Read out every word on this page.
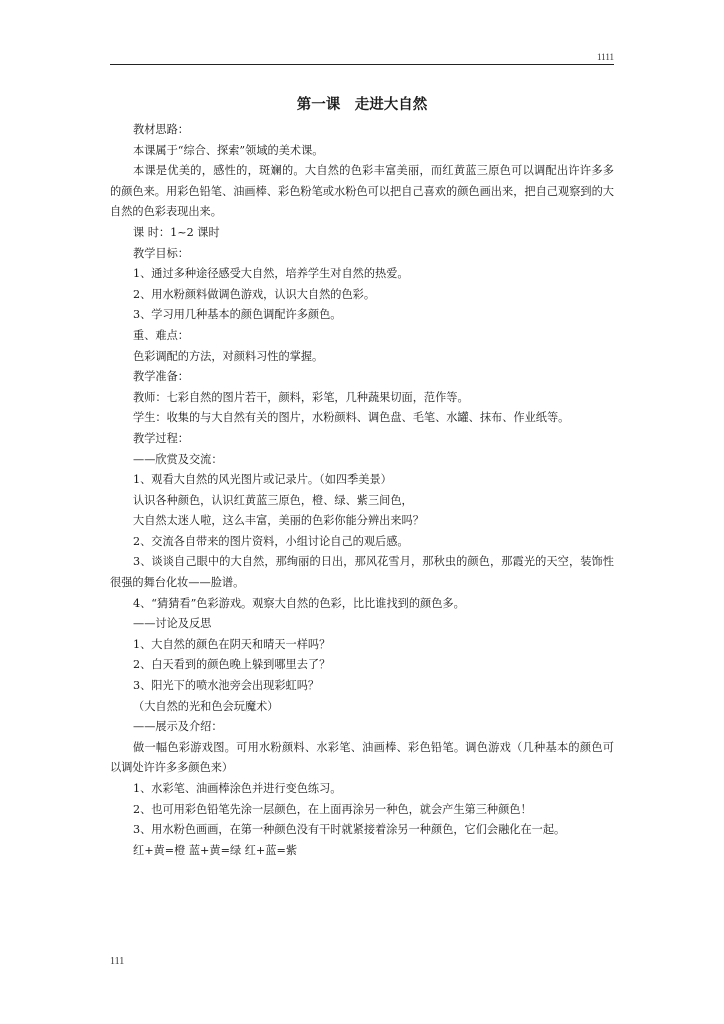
1111
第一课　走进大自然

教材思路：

本课属于“综合、探索”领域的美术课。

本课是优美的，感性的，斑斓的。大自然的色彩丰富美丽，而红黄蓝三原色可以调配出许许多多的颜色来。用彩色铅笔、油画棒、彩色粉笔或水粉色可以把自己喜欢的颜色画出来，把自己观察到的大自然的色彩表现出来。

课 时：1~2 课时

教学目标：

1、通过多种途径感受大自然，培养学生对自然的热爱。

2、用水粉颜料做调色游戏，认识大自然的色彩。

3、学习用几种基本的颜色调配许多颜色。

重、难点：

色彩调配的方法，对颜料习性的掌握。

教学准备：

教师：七彩自然的图片若干，颜料，彩笔，几种蔬果切面，范作等。

学生：收集的与大自然有关的图片，水粉颜料、调色盘、毛笔、水罐、抹布、作业纸等。

教学过程：

——欣赏及交流：

1、观看大自然的风光图片或记录片。（如四季美景）

认识各种颜色，认识红黄蓝三原色，橙、绿、紫三间色，

大自然太迷人啦，这么丰富，美丽的色彩你能分辨出来吗？

2、交流各自带来的图片资料，小组讨论自己的观后感。

3、谈谈自己眼中的大自然，那绚丽的日出，那风花雪月，那秋虫的颜色，那霞光的天空，装饰性很强的舞台化妆——脸谱。

4、“猜猜看”色彩游戏。观察大自然的色彩，比比谁找到的颜色多。

——讨论及反思

1、大自然的颜色在阴天和晴天一样吗？

2、白天看到的颜色晚上躲到哪里去了？

3、阳光下的喷水池旁会出现彩虹吗？

（大自然的光和色会玩魔术）

——展示及介绍：

做一幅色彩游戏图。可用水粉颜料、水彩笔、油画棒、彩色铅笔。调色游戏（几种基本的颜色可以调处许许多多颜色来）

1、水彩笔、油画棒涂色并进行变色练习。

2、也可用彩色铅笔先涂一层颜色，在上面再涂另一种色，就会产生第三种颜色！

3、用水粉色画画，在第一种颜色没有干时就紧接着涂另一种颜色，它们会融化在一起。

红+黄=橙 蓝+黄=绿 红+蓝=紫

111
